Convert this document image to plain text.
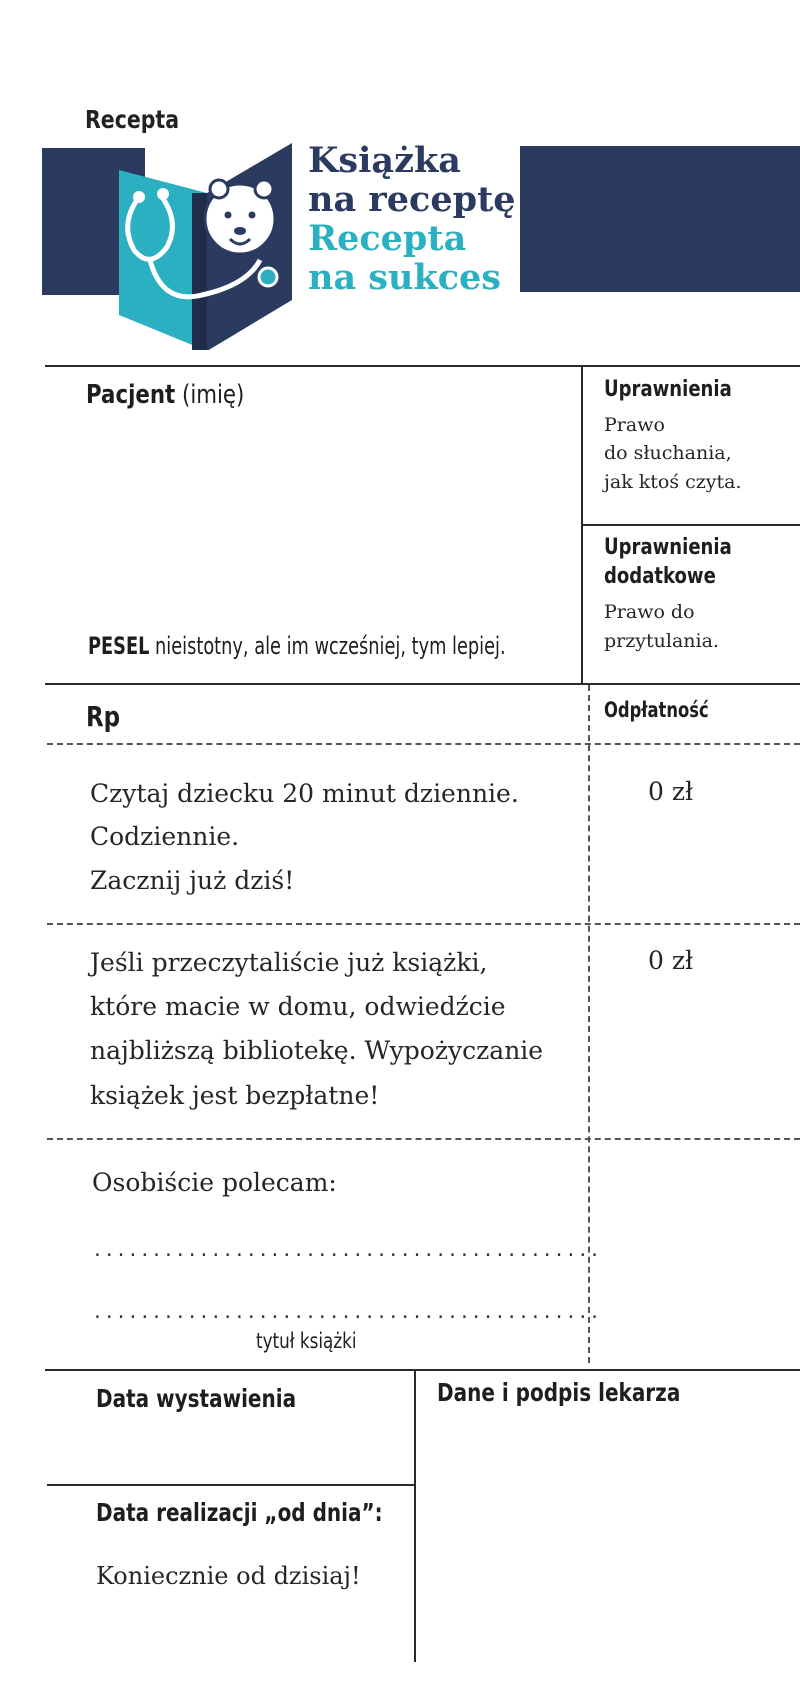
Recepta
Książka
na receptę
Recepta
na sukces
Pacjent (imię)
PESEL nieistotny, ale im wcześniej, tym lepiej.
Uprawnienia
Prawo
do słuchania,
jak ktoś czyta.
Uprawnienia
dodatkowe
Prawo do
przytulania.
Rp	Odpłatność
Czytaj dziecku 20 minut dziennie.
Codziennie.
Zacznij już dziś!
0 zł
Jeśli przeczytaliście już książki,
które macie w domu, odwiedźcie
najbliższą bibliotekę. Wypożyczanie
książek jest bezpłatne!
0 zł
Osobiście polecam:
...........................................
...........................................
tytuł książki
Data wystawienia	Dane i podpis lekarza
Data realizacji „od dnia”:
Koniecznie od dzisiaj!
